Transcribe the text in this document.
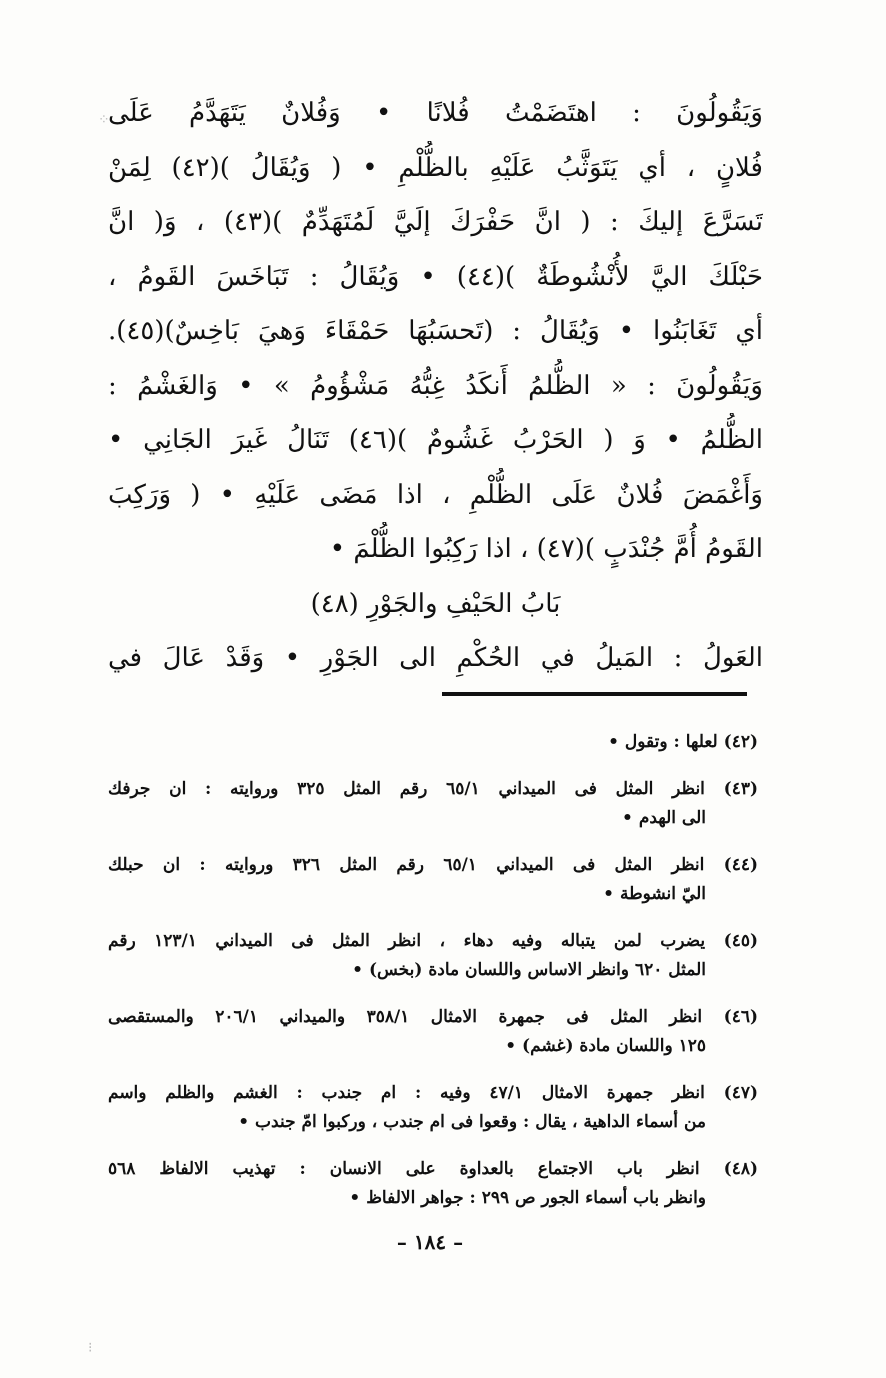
⁘
⁝
وَيَقُولُونَ : اهتَضَمْتُ فُلانًا • وَفُلانٌ يَتَهَدَّمُ عَلَى
فُلانٍ ، أي يَتَوَثَّبُ عَلَيْهِ بالظُّلْمِ • ( وَيُقَالُ )(٤٢) لِمَنْ
تَسَرَّعَ إليكَ : ( انَّ حَفْرَكَ إلَيَّ لَمُتَهَدِّمٌ )(٤٣) ، وَ( انَّ
حَبْلَكَ اليَّ لأُنْشُوطَةٌ )(٤٤) • وَيُقَالُ : تَبَاخَسَ القَومُ ،
أي تَغَابَنُوا • وَيُقَالُ : (تَحسَبُهَا حَمْقَاءَ وَهيَ بَاخِسٌ)(٤٥).
وَيَقُولُونَ : « الظُّلمُ أَنكَدُ غِبُّهُ مَشْؤُومُ » • وَالغَشْمُ :
الظُّلمُ • وَ ( الحَرْبُ غَشُومٌ )(٤٦) تَنَالُ غَيرَ الجَانِي •
وَأَغْمَضَ فُلانٌ عَلَى الظُّلْمِ ، اذا مَضَى عَلَيْهِ • ( وَرَكِبَ
القَومُ أُمَّ جُنْدَبٍ )(٤٧) ، اذا رَكِبُوا الظُّلْمَ •
بَابُ الحَيْفِ والجَوْرِ (٤٨)
العَولُ : المَيلُ في الحُكْمِ الى الجَوْرِ • وَقَدْ عَالَ في
(٤٢) لعلها : وتقول •
(٤٣) انظر المثل فى الميداني ٦٥/١ رقم المثل ٣٢٥ وروايته : ان جرفك
الى الهدم •
(٤٤) انظر المثل فى الميداني ٦٥/١ رقم المثل ٣٢٦ وروايته : ان حبلك
اليّ انشوطة •
(٤٥) يضرب لمن يتباله وفيه دهاء ، انظر المثل فى الميداني ١٢٣/١ رقم
المثل ٦٢٠ وانظر الاساس واللسان مادة (بخس) •
(٤٦) انظر المثل فى جمهرة الامثال ٣٥٨/١ والميداني ٢٠٦/١ والمستقصى
١٢٥ واللسان مادة (غشم) •
(٤٧) انظر جمهرة الامثال ٤٧/١ وفيه : ام جندب : الغشم والظلم واسم
من أسماء الداهية ، يقال : وقعوا فى ام جندب ، وركبوا امّ جندب •
(٤٨) انظر باب الاجتماع بالعداوة على الانسان : تهذيب الالفاظ ٥٦٨
وانظر باب أسماء الجور ص ٢٩٩ : جواهر الالفاظ •
– ١٨٤ –
